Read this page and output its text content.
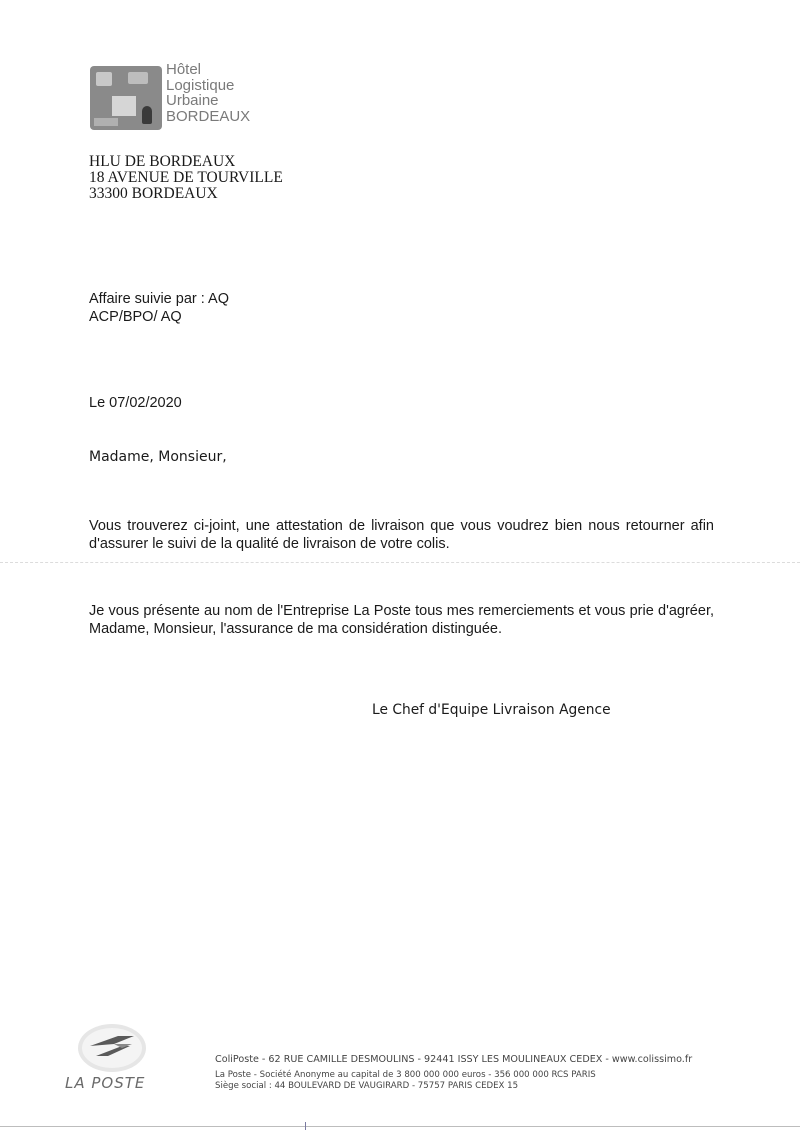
Hôtel
Logistique
Urbaine
BORDEAUX
HLU DE BORDEAUX
18 AVENUE DE TOURVILLE
33300 BORDEAUX
Affaire suivie par : AQ
ACP/BPO/ AQ
Le 07/02/2020
Madame, Monsieur,
Vous trouverez ci-joint, une attestation de livraison que vous voudrez bien nous retourner afin d'assurer le suivi de la qualité de livraison de votre colis.
Je vous présente au nom de l'Entreprise La Poste tous mes remerciements et vous prie d'agréer, Madame, Monsieur, l'assurance de ma considération distinguée.
Le Chef d'Equipe Livraison Agence
LA POSTE
ColiPoste - 62 RUE CAMILLE DESMOULINS - 92441 ISSY LES MOULINEAUX CEDEX - www.colissimo.fr
La Poste - Société Anonyme au capital de 3 800 000 000 euros - 356 000 000 RCS PARIS
Siège social : 44 BOULEVARD DE VAUGIRARD - 75757 PARIS CEDEX 15
